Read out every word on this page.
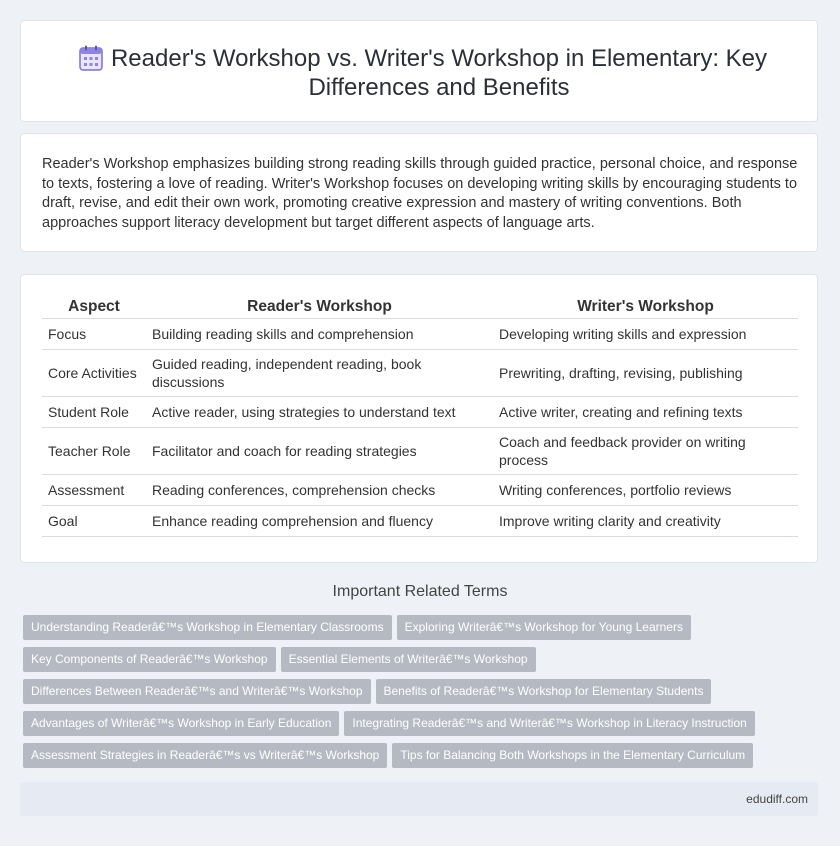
Reader's Workshop vs. Writer's Workshop in Elementary: Key Differences and Benefits
Reader's Workshop emphasizes building strong reading skills through guided practice, personal choice, and response to texts, fostering a love of reading. Writer's Workshop focuses on developing writing skills by encouraging students to draft, revise, and edit their own work, promoting creative expression and mastery of writing conventions. Both approaches support literacy development but target different aspects of language arts.
Aspect	Reader's Workshop	Writer's Workshop
Focus	Building reading skills and comprehension	Developing writing skills and expression
Core Activities	Guided reading, independent reading, book discussions	Prewriting, drafting, revising, publishing
Student Role	Active reader, using strategies to understand text	Active writer, creating and refining texts
Teacher Role	Facilitator and coach for reading strategies	Coach and feedback provider on writing process
Assessment	Reading conferences, comprehension checks	Writing conferences, portfolio reviews
Goal	Enhance reading comprehension and fluency	Improve writing clarity and creativity
Important Related Terms
Understanding Readerâ€™s Workshop in Elementary Classrooms Exploring Writerâ€™s Workshop for Young Learners
Key Components of Readerâ€™s Workshop Essential Elements of Writerâ€™s Workshop
Differences Between Readerâ€™s and Writerâ€™s Workshop Benefits of Readerâ€™s Workshop for Elementary Students
Advantages of Writerâ€™s Workshop in Early Education Integrating Readerâ€™s and Writerâ€™s Workshop in Literacy Instruction
Assessment Strategies in Readerâ€™s vs Writerâ€™s Workshop Tips for Balancing Both Workshops in the Elementary Curriculum
edudiff.com
